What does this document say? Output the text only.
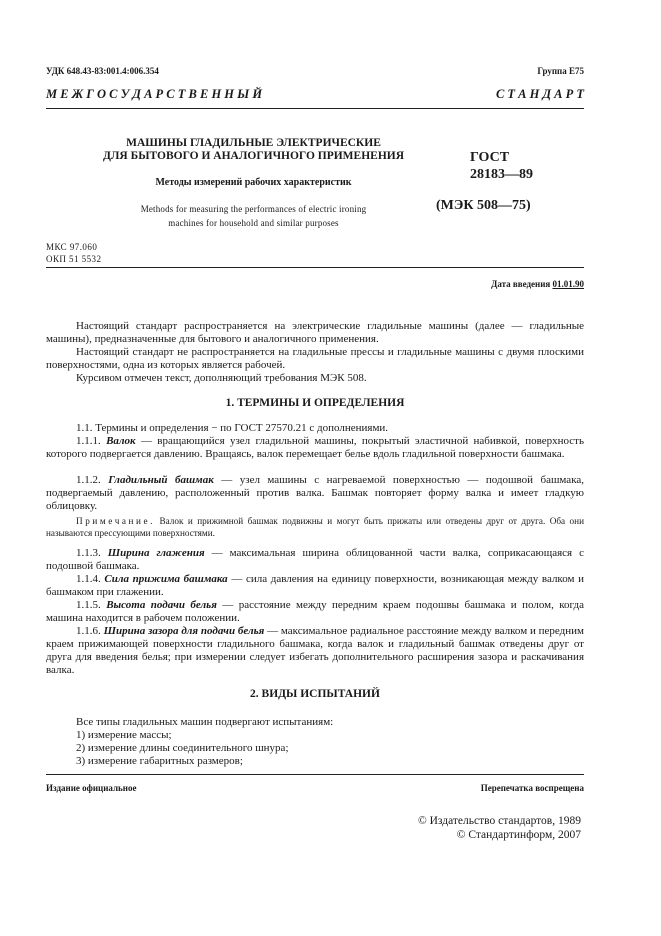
УДК 648.43-83:001.4:006.354	Группа Е75
М Е Ж Г О С У Д А Р С Т В Е Н Н Ы Й	С Т А Н Д А Р Т
МАШИНЫ ГЛАДИЛЬНЫЕ ЭЛЕКТРИЧЕСКИЕ
ДЛЯ БЫТОВОГО И АНАЛОГИЧНОГО ПРИМЕНЕНИЯ
Методы измерений рабочих характеристик
Methods for measuring the performances of electric ironing
machines for household and similar purposes
ГОСТ
28183—89
(МЭК 508—75)
МКС 97.060
ОКП 51 5532
Дата введения 01.01.90
Настоящий стандарт распространяется на электрические гладильные машины (далее — гладильные машины), предназначенные для бытового и аналогичного применения.
Настоящий стандарт не распространяется на гладильные прессы и гладильные машины с двумя плоскими поверхностями, одна из которых является рабочей.
Курсивом отмечен текст, дополняющий требования МЭК 508.
1. ТЕРМИНЫ И ОПРЕДЕЛЕНИЯ
1.1. Термины и определения − по ГОСТ 27570.21 с дополнениями.
1.1.1. Валок — вращающийся узел гладильной машины, покрытый эластичной набивкой, поверхность которого подвергается давлению. Вращаясь, валок перемещает белье вдоль гладильной поверхности башмака.
1.1.2. Гладильный башмак — узел машины с нагреваемой поверхностью — подошвой башмака, подвергаемый давлению, расположенный против валка. Башмак повторяет форму валка и имеет гладкую облицовку.
Примечание. Валок и прижимной башмак подвижны и могут быть прижаты или отведены друг от друга. Оба они называются прессующими поверхностями.
1.1.3. Ширина глажения — максимальная ширина облицованной части валка, соприкасающаяся с подошвой башмака.
1.1.4. Сила прижима башмака — сила давления на единицу поверхности, возникающая между валком и башмаком при глажении.
1.1.5. Высота подачи белья — расстояние между передним краем подошвы башмака и полом, когда машина находится в рабочем положении.
1.1.6. Ширина зазора для подачи белья — максимальное радиальное расстояние между валком и передним краем прижимающей поверхности гладильного башмака, когда валок и гладильный башмак отведены друг от друга для введения белья; при измерении следует избегать дополнительного расширения зазора и раскачивания валка.
2. ВИДЫ ИСПЫТАНИЙ
Все типы гладильных машин подвергают испытаниям:
1) измерение массы;
2) измерение длины соединительного шнура;
3) измерение габаритных размеров;
Издание официальное	Перепечатка воспрещена
© Издательство стандартов, 1989
© Стандартинформ, 2007
